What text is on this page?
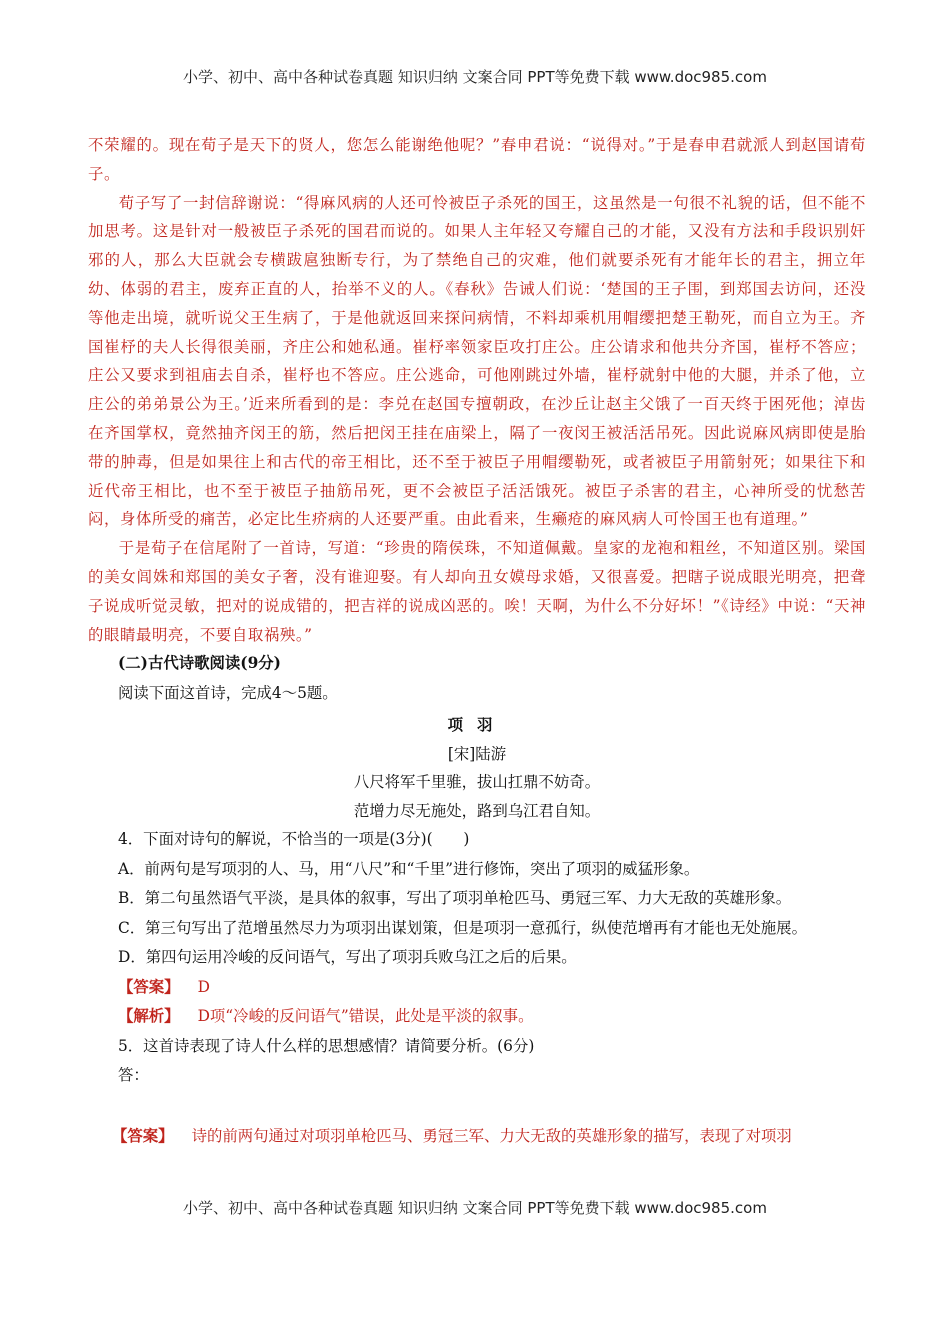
小学、初中、高中各种试卷真题 知识归纳 文案合同 PPT等免费下载 www.doc985.com

不荣耀的。现在荀子是天下的贤人，您怎么能谢绝他呢？”春申君说：“说得对。”于是春申君就派人到赵国请荀子。

荀子写了一封信辞谢说：“得麻风病的人还可怜被臣子杀死的国王，这虽然是一句很不礼貌的话，但不能不加思考。这是针对一般被臣子杀死的国君而说的。如果人主年轻又夸耀自己的才能，又没有方法和手段识别奸邪的人，那么大臣就会专横跋扈独断专行，为了禁绝自己的灾难，他们就要杀死有才能年长的君主，拥立年幼、体弱的君主，废弃正直的人，抬举不义的人。《春秋》告诫人们说：‘楚国的王子围，到郑国去访问，还没等他走出境，就听说父王生病了，于是他就返回来探问病情，不料却乘机用帽缨把楚王勒死，而自立为王。齐国崔杼的夫人长得很美丽，齐庄公和她私通。崔杼率领家臣攻打庄公。庄公请求和他共分齐国，崔杼不答应；庄公又要求到祖庙去自杀，崔杼也不答应。庄公逃命，可他刚跳过外墙，崔杼就射中他的大腿，并杀了他，立庄公的弟弟景公为王。’近来所看到的是：李兑在赵国专擅朝政，在沙丘让赵主父饿了一百天终于困死他；淖齿在齐国掌权，竟然抽齐闵王的筋，然后把闵王挂在庙梁上，隔了一夜闵王被活活吊死。因此说麻风病即使是胎带的肿毒，但是如果往上和古代的帝王相比，还不至于被臣子用帽缨勒死，或者被臣子用箭射死；如果往下和近代帝王相比，也不至于被臣子抽筋吊死，更不会被臣子活活饿死。被臣子杀害的君主，心神所受的忧愁苦闷，身体所受的痛苦，必定比生疥病的人还要严重。由此看来，生癞疮的麻风病人可怜国王也有道理。”

于是荀子在信尾附了一首诗，写道：“珍贵的隋侯珠，不知道佩戴。皇家的龙袍和粗丝，不知道区别。梁国的美女闾姝和郑国的美女子奢，没有谁迎娶。有人却向丑女嫫母求婚，又很喜爱。把瞎子说成眼光明亮，把聋子说成听觉灵敏，把对的说成错的，把吉祥的说成凶恶的。唉！天啊，为什么不分好坏！”《诗经》中说：“天神的眼睛最明亮，不要自取祸殃。”

(二)古代诗歌阅读(9分)

阅读下面这首诗，完成4～5题。

项羽

[宋]陆游

八尺将军千里骓，拔山扛鼎不妨奇。

范增力尽无施处，路到乌江君自知。

4．下面对诗句的解说，不恰当的一项是(3分)(　　)

A．前两句是写项羽的人、马，用“八尺”和“千里”进行修饰，突出了项羽的威猛形象。

B．第二句虽然语气平淡，是具体的叙事，写出了项羽单枪匹马、勇冠三军、力大无敌的英雄形象。

C．第三句写出了范增虽然尽力为项羽出谋划策，但是项羽一意孤行，纵使范增再有才能也无处施展。

D．第四句运用冷峻的反问语气，写出了项羽兵败乌江之后的后果。

【答案】 D

【解析】 D项“冷峻的反问语气”错误，此处是平淡的叙事。

5．这首诗表现了诗人什么样的思想感情？请简要分析。(6分)

答：

【答案】 诗的前两句通过对项羽单枪匹马、勇冠三军、力大无敌的英雄形象的描写，表现了对项羽

小学、初中、高中各种试卷真题 知识归纳 文案合同 PPT等免费下载 www.doc985.com
